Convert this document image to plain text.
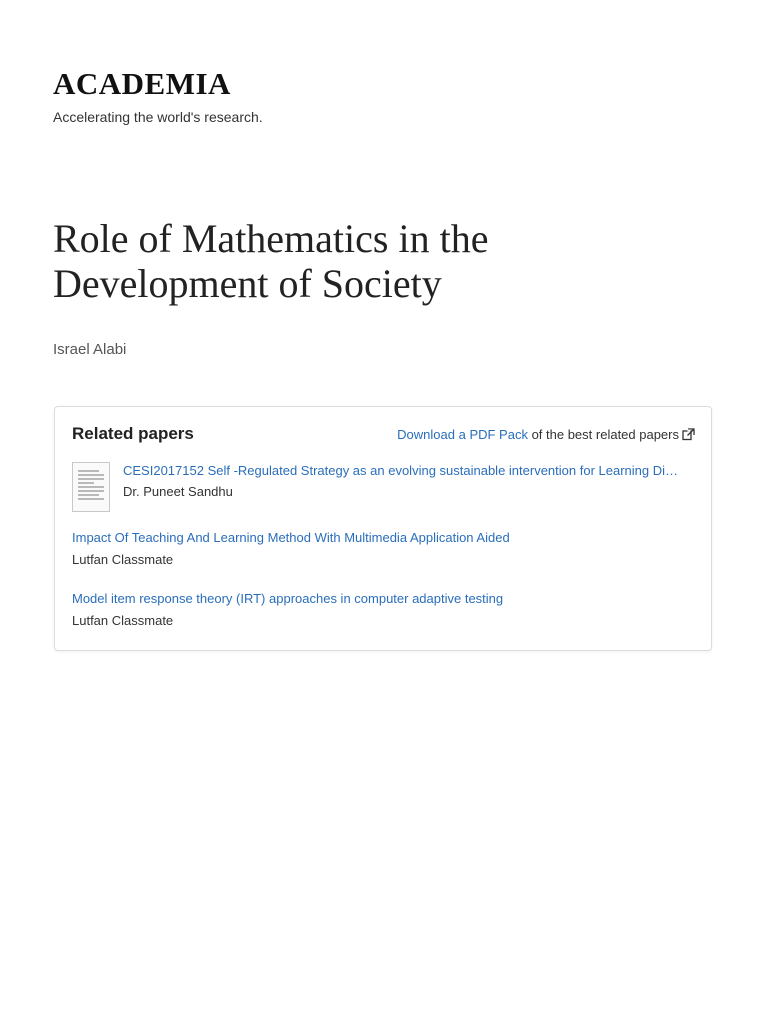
ACADEMIA
Accelerating the world's research.
Role of Mathematics in the Development of Society
Israel Alabi
Related papers	Download a PDF Pack of the best related papers
CESI2017152 Self -Regulated Strategy as an evolving sustainable intervention for Learning Di…
Dr. Puneet Sandhu
Impact Of Teaching And Learning Method With Multimedia Application Aided
Lutfan Classmate
Model item response theory (IRT) approaches in computer adaptive testing
Lutfan Classmate
